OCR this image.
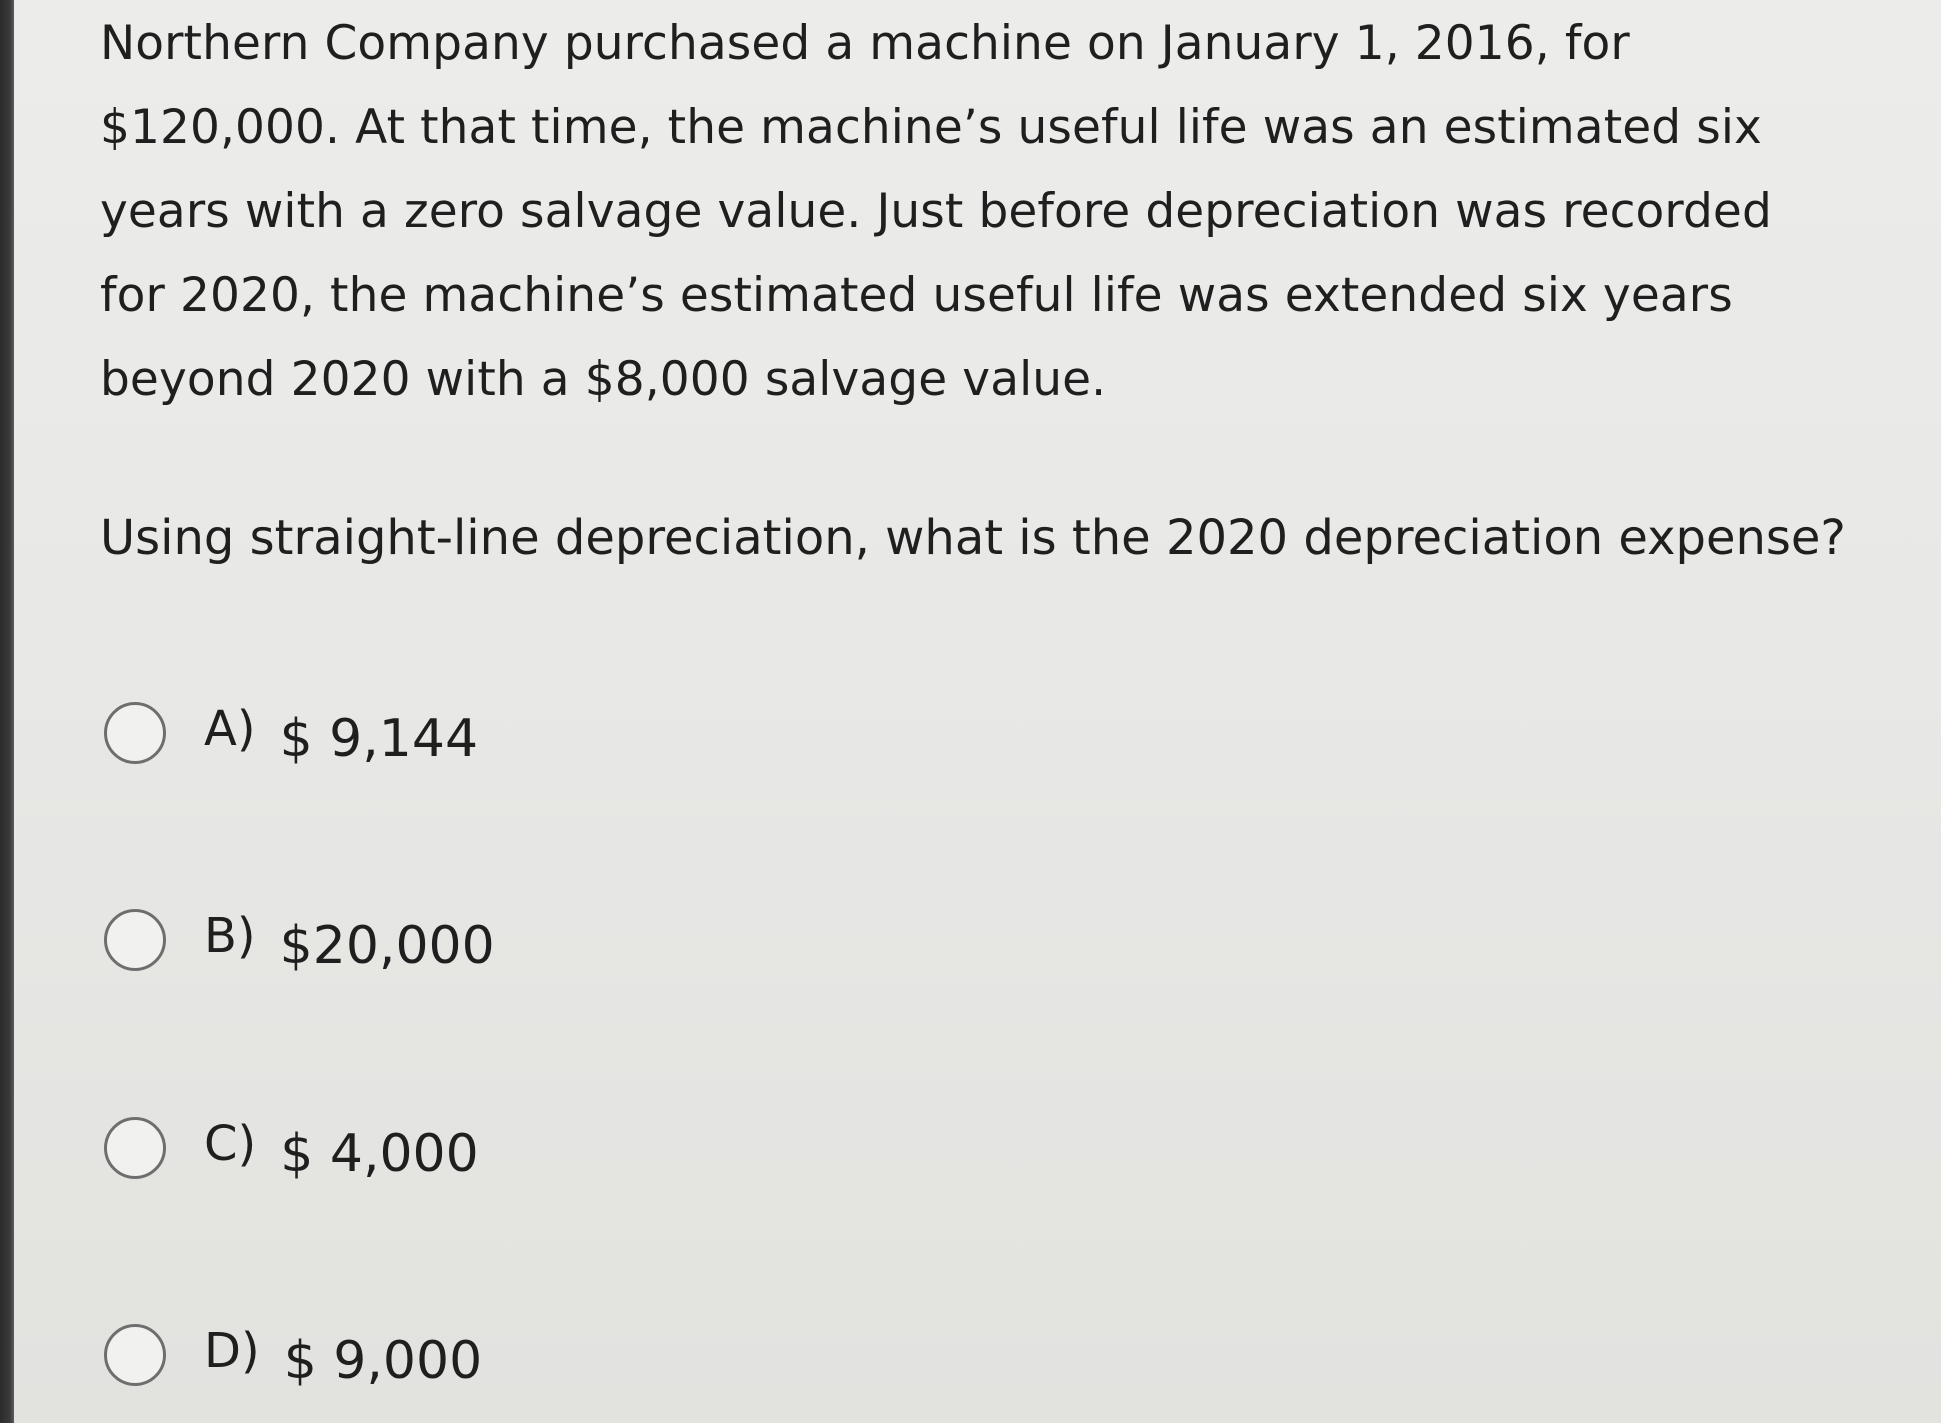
Northern Company purchased a machine on January 1, 2016, for
$120,000. At that time, the machine’s useful life was an estimated six
years with a zero salvage value. Just before depreciation was recorded
for 2020, the machine’s estimated useful life was extended six years
beyond 2020 with a $8,000 salvage value.

Using straight-line depreciation, what is the 2020 depreciation expense?

A) $ 9,144
B) $20,000
C) $ 4,000
D) $ 9,000
